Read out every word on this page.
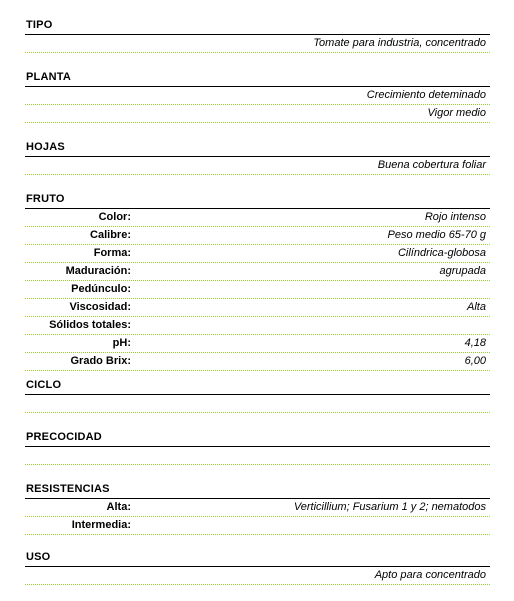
TIPO
Tomate para industria, concentrado
PLANTA
Crecimiento deteminado
Vigor medio
HOJAS
Buena cobertura foliar
FRUTO
Color:	Rojo intenso
Calibre:	Peso medio 65-70 g
Forma:	Cilíndrica-globosa
Maduración:	agrupada
Pedúnculo:
Viscosidad:	Alta
Sólidos totales:
pH:	4,18
Grado Brix:	6,00
CICLO
PRECOCIDAD
RESISTENCIAS
Alta:	Verticillium; Fusarium 1 y 2; nematodos
Intermedia:
USO
Apto para concentrado
